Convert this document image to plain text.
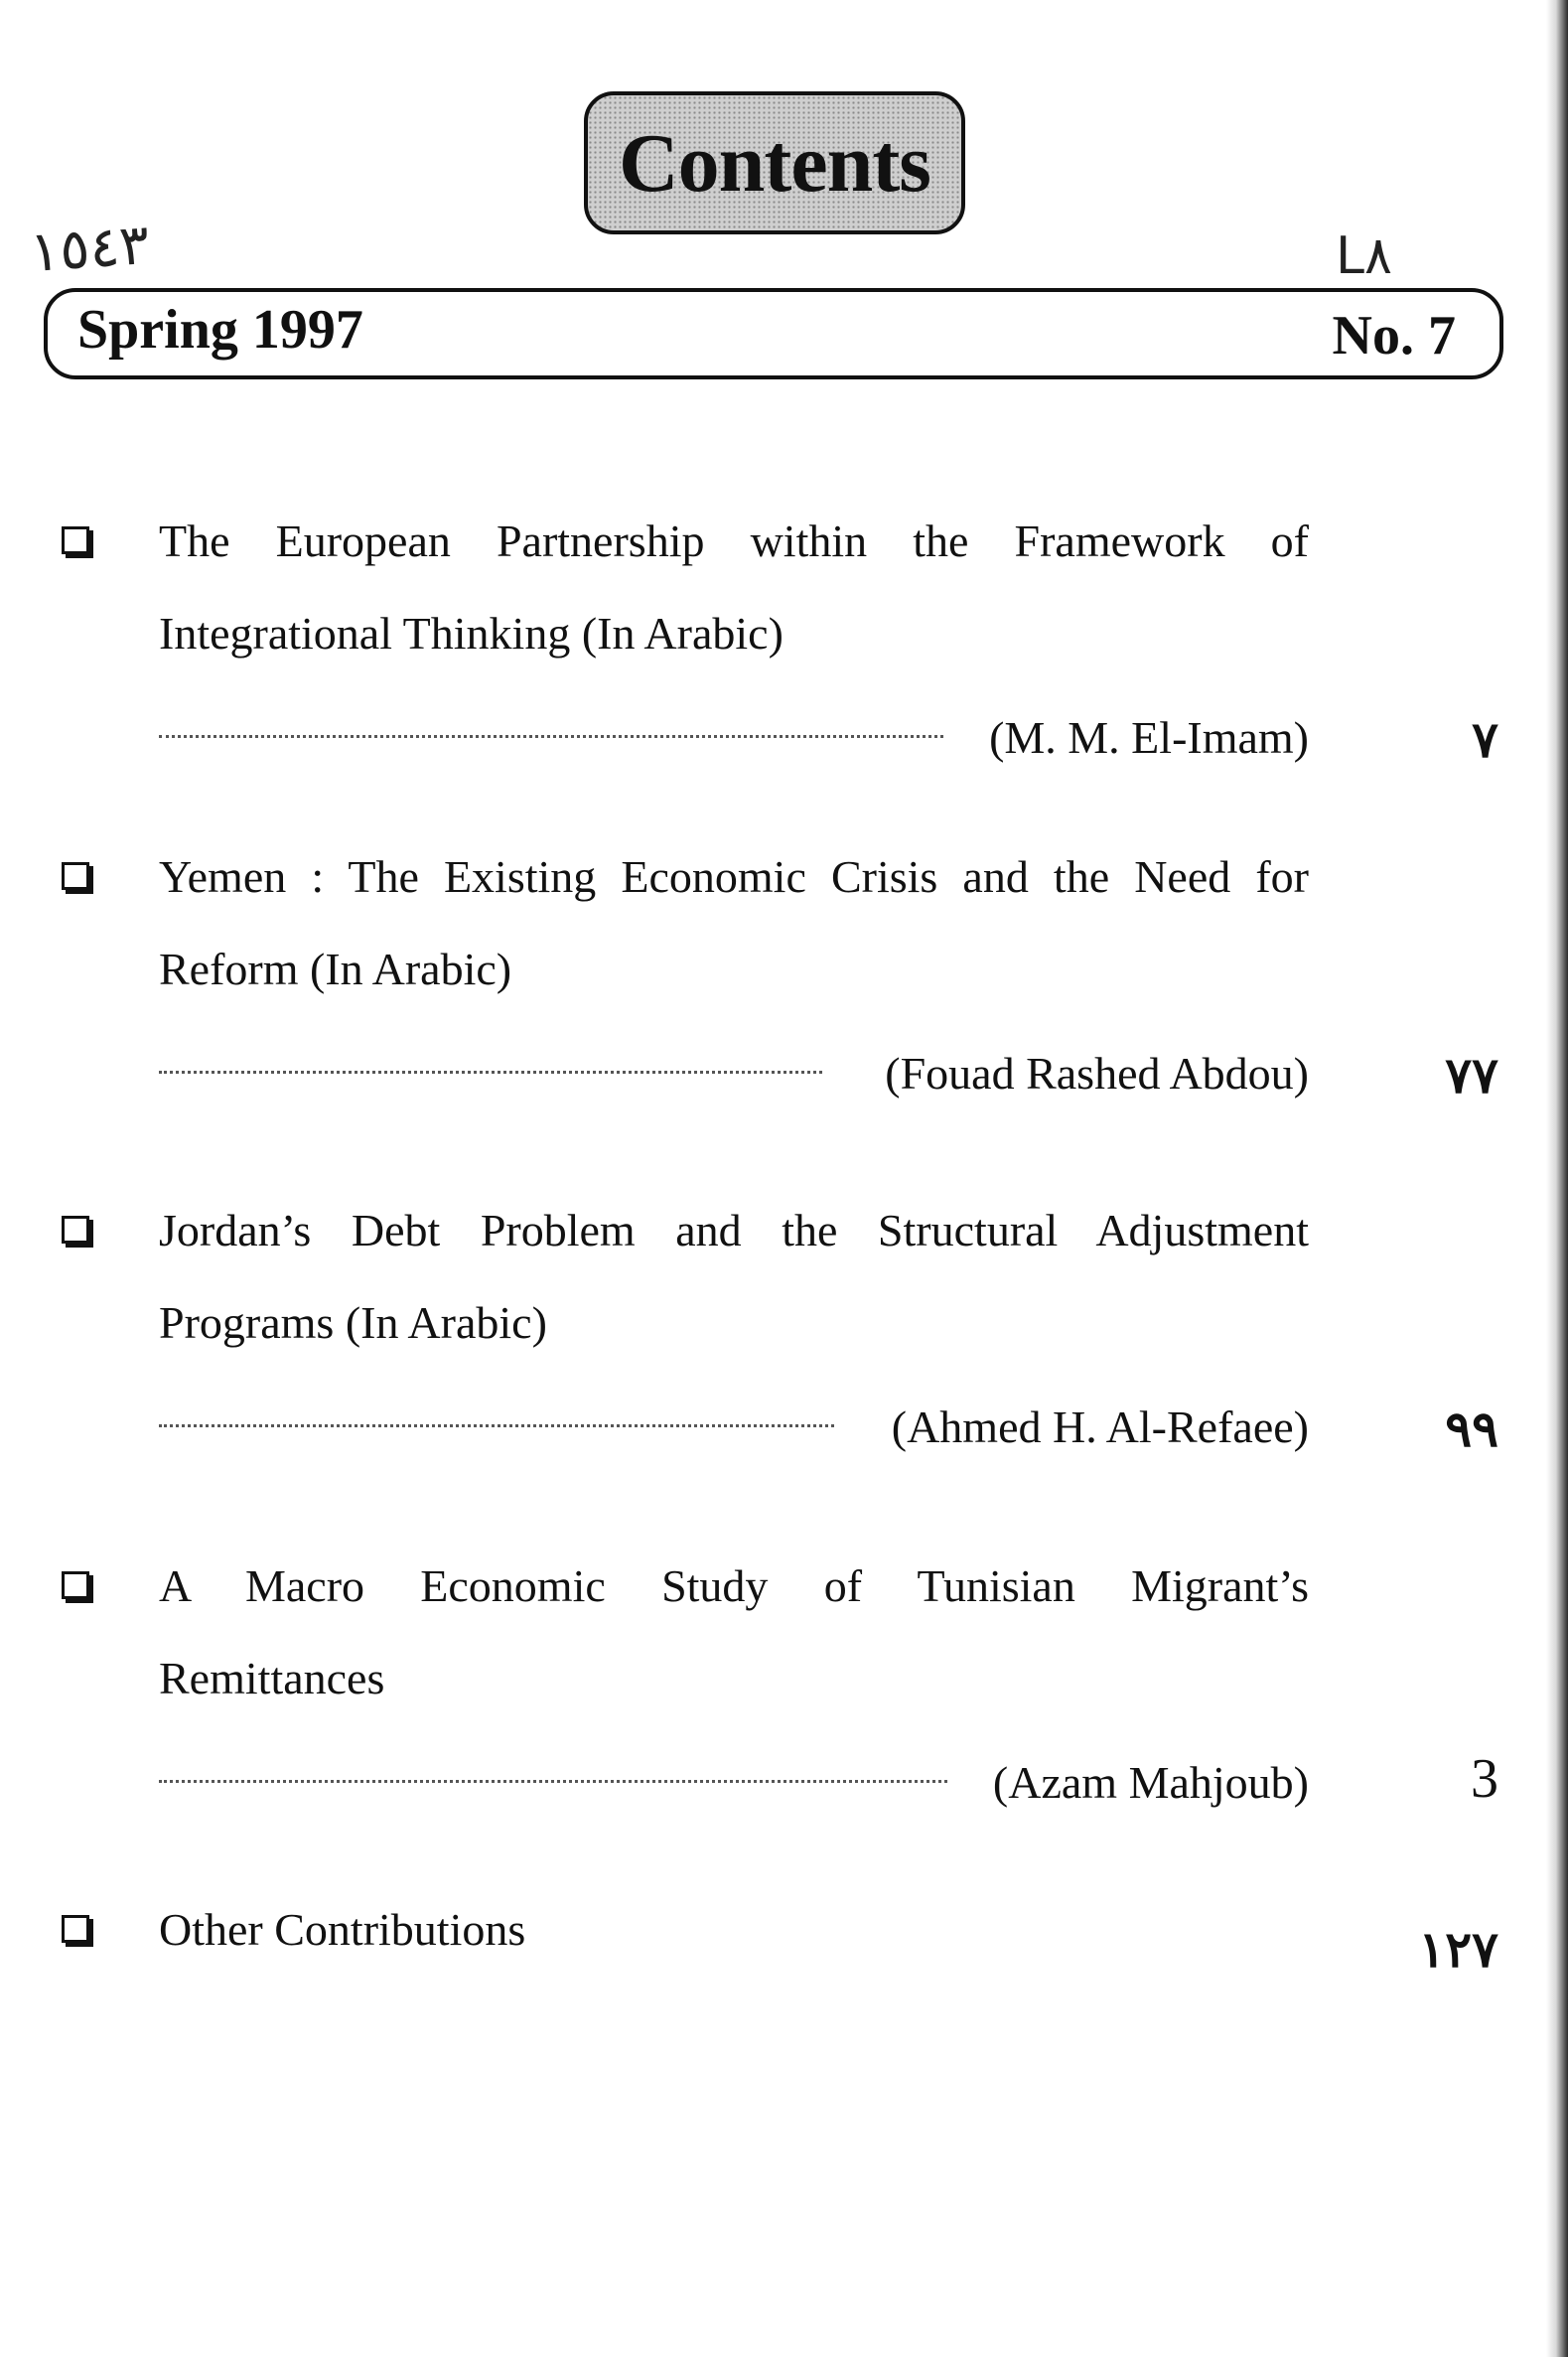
Contents
١٥٤٣	L٨
Spring 1997	No. 7
The European Partnership within the Framework of
Integrational Thinking (In Arabic)
(M. M. El-Imam)	٧
Yemen : The Existing Economic Crisis and the Need for
Reform (In Arabic)
(Fouad Rashed Abdou)	٧٧
Jordan’s Debt Problem and the Structural Adjustment
Programs (In Arabic)
(Ahmed H. Al-Refaee)	٩٩
A Macro Economic Study of Tunisian Migrant’s
Remittances
(Azam Mahjoub)	3
Other Contributions	١٢٧
